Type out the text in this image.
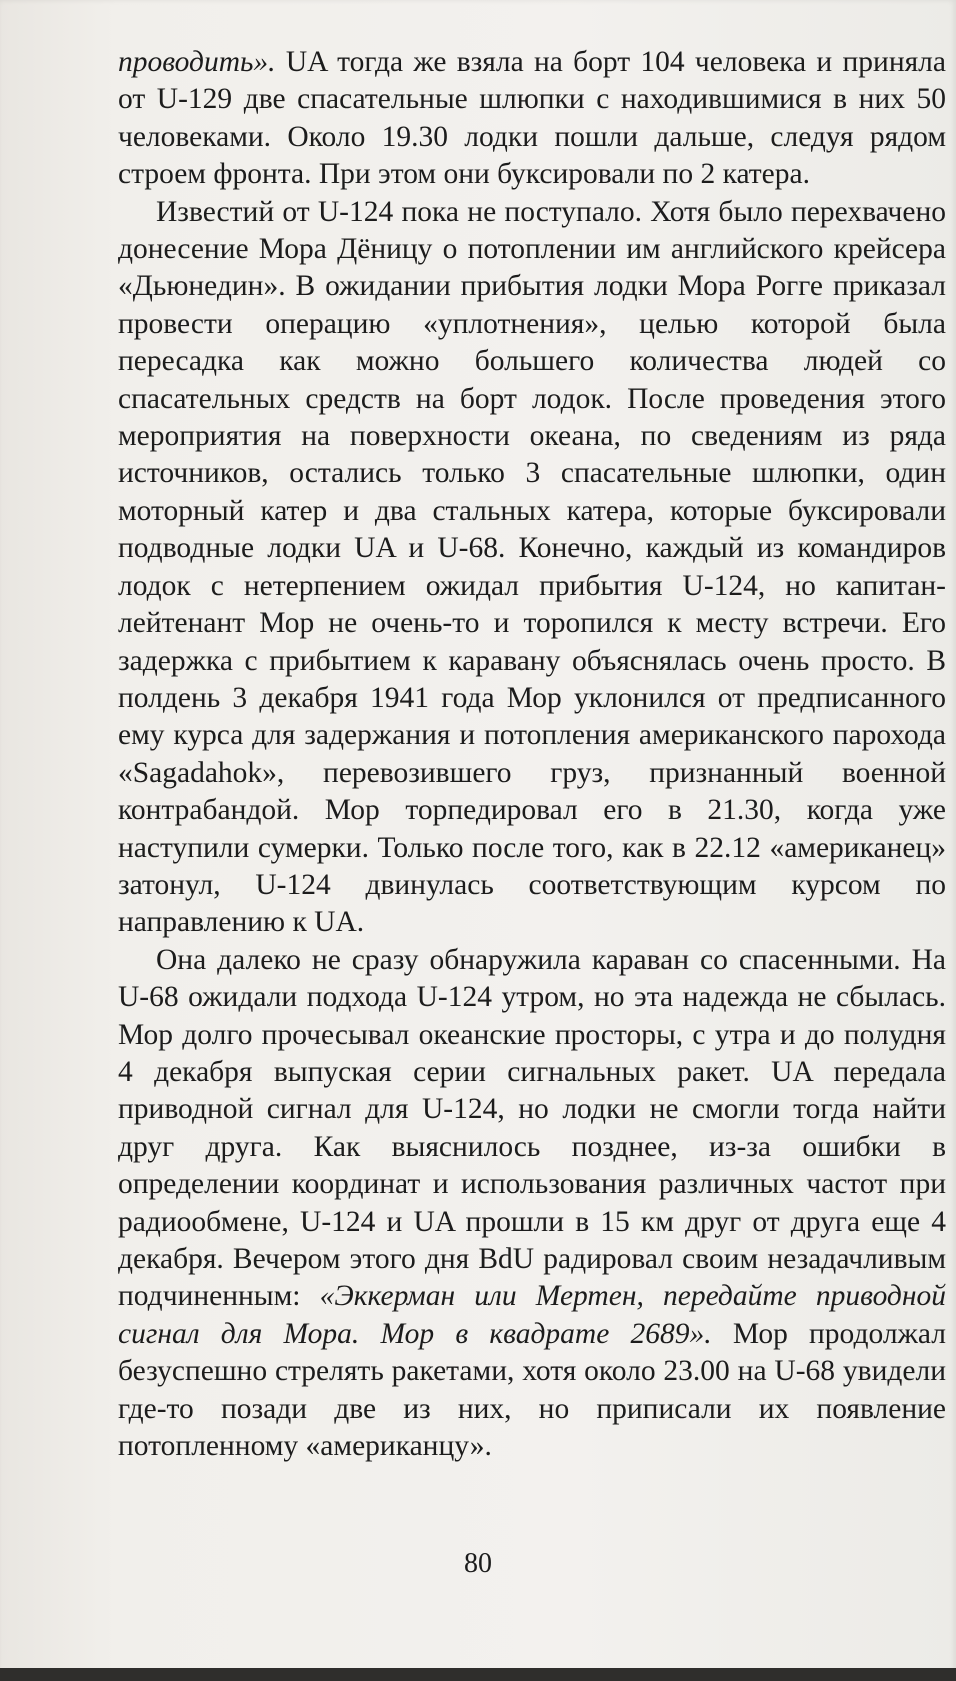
проводить». UA тогда же взяла на борт 104 человека и приняла от U-129 две спасательные шлюпки с находившимися в них 50 человеками. Около 19.30 лодки пошли дальше, следуя рядом строем фронта. При этом они буксировали по 2 катера.

Известий от U-124 пока не поступало. Хотя было перехвачено донесение Мора Дёницу о потоплении им английского крейсера «Дьюнедин». В ожидании прибытия лодки Мора Рогге приказал провести операцию «уплотнения», целью которой была пересадка как можно большего количества людей со спасательных средств на борт лодок. После проведения этого мероприятия на поверхности океана, по сведениям из ряда источников, остались только 3 спасательные шлюпки, один моторный катер и два стальных катера, которые буксировали подводные лодки UA и U-68. Конечно, каждый из командиров лодок с нетерпением ожидал прибытия U-124, но капитан-лейтенант Мор не очень-то и торопился к месту встречи. Его задержка с прибытием к каравану объяснялась очень просто. В полдень 3 декабря 1941 года Мор уклонился от предписанного ему курса для задержания и потопления американского парохода «Sagadahok», перевозившего груз, признанный военной контрабандой. Мор торпедировал его в 21.30, когда уже наступили сумерки. Только после того, как в 22.12 «американец» затонул, U-124 двинулась соответствующим курсом по направлению к UA.

Она далеко не сразу обнаружила караван со спасенными. На U-68 ожидали подхода U-124 утром, но эта надежда не сбылась. Мор долго прочесывал океанские просторы, с утра и до полудня 4 декабря выпуская серии сигнальных ракет. UA передала приводной сигнал для U-124, но лодки не смогли тогда найти друг друга. Как выяснилось позднее, из-за ошибки в определении координат и использования различных частот при радиообмене, U-124 и UA прошли в 15 км друг от друга еще 4 декабря. Вечером этого дня BdU радировал своим незадачливым подчиненным: «Эккерман или Мертен, передайте приводной сигнал для Мора. Мор в квадрате 2689». Мор продолжал безуспешно стрелять ракетами, хотя около 23.00 на U-68 увидели где-то позади две из них, но приписали их появление потопленному «американцу».

80
